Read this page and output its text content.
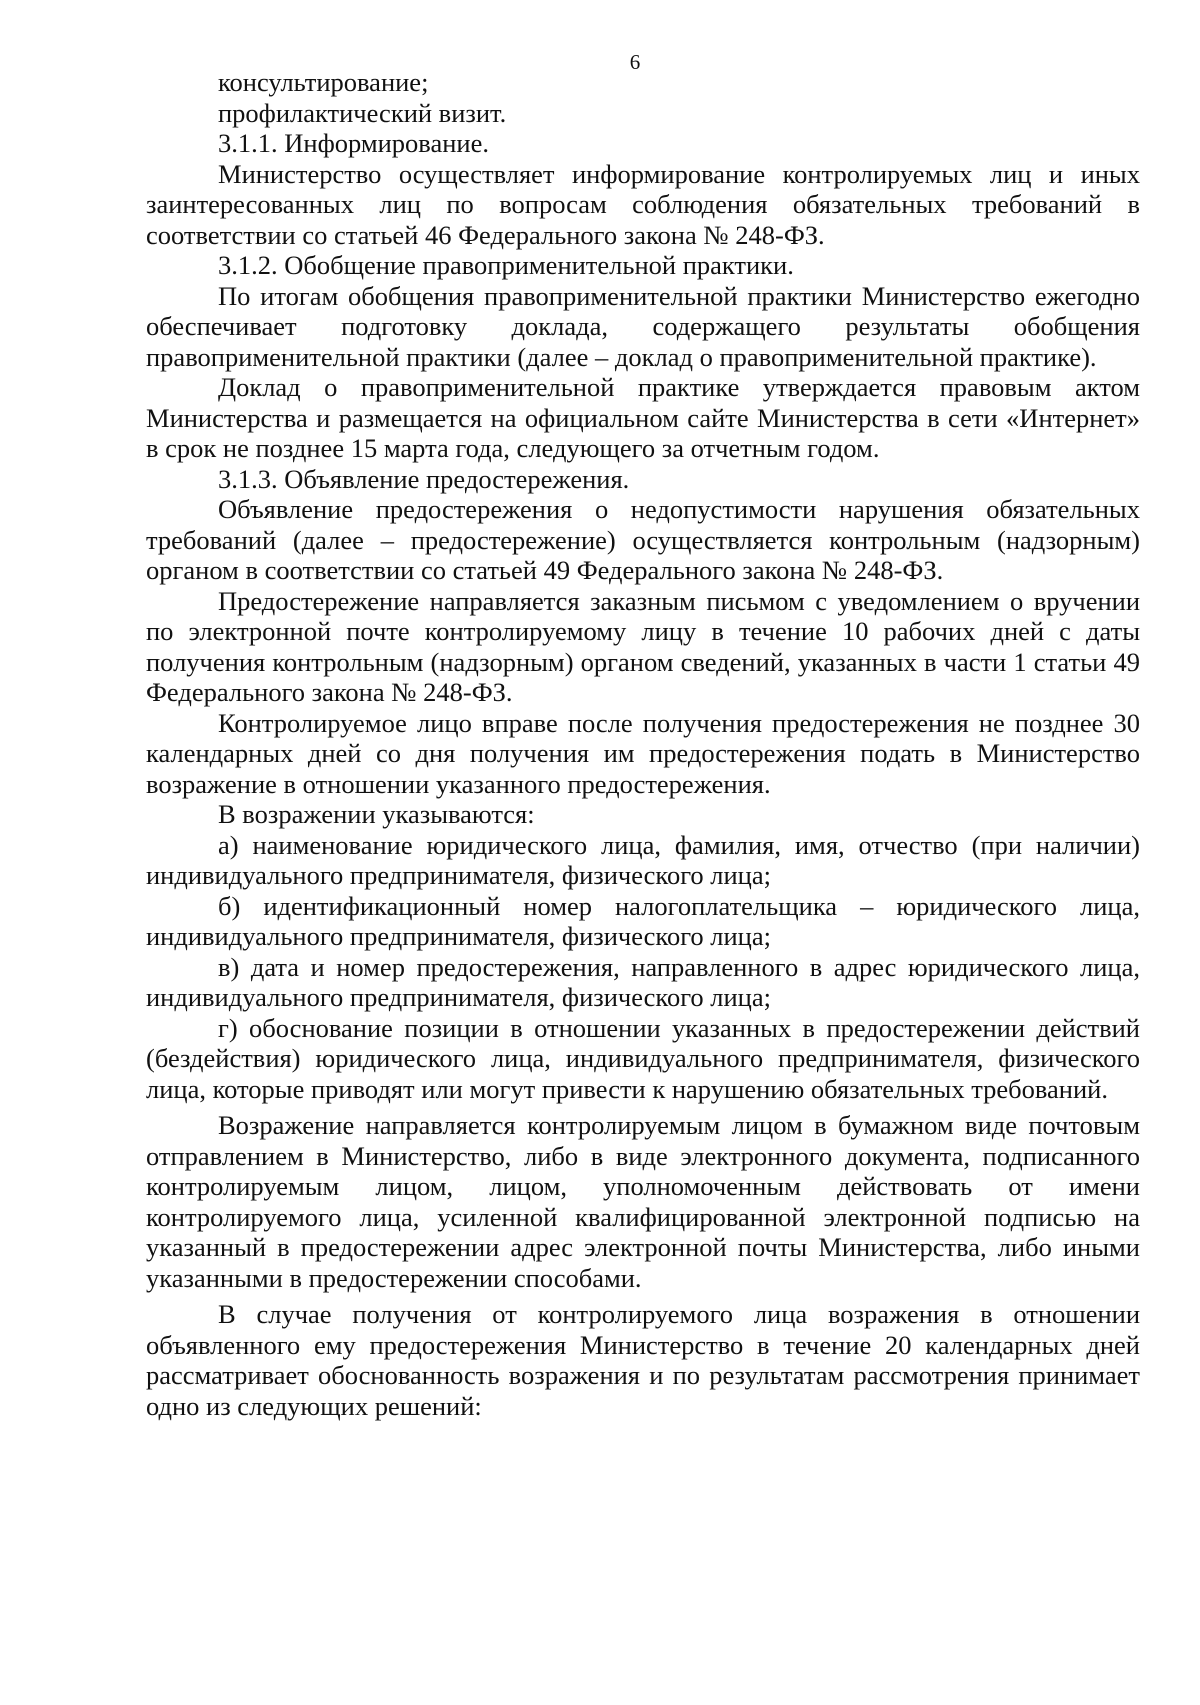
6

консультирование;

профилактический визит.

3.1.1. Информирование.

Министерство осуществляет информирование контролируемых лиц и иных заинтересованных лиц по вопросам соблюдения обязательных требований в соответствии со статьей 46 Федерального закона № 248-ФЗ.

3.1.2. Обобщение правоприменительной практики.

По итогам обобщения правоприменительной практики Министерство ежегодно обеспечивает подготовку доклада, содержащего результаты обобщения правоприменительной практики (далее – доклад о правоприменительной практике).

Доклад о правоприменительной практике утверждается правовым актом Министерства и размещается на официальном сайте Министерства в сети «Интернет» в срок не позднее 15 марта года, следующего за отчетным годом.

3.1.3. Объявление предостережения.

Объявление предостережения о недопустимости нарушения обязательных требований (далее – предостережение) осуществляется контрольным (надзорным) органом в соответствии со статьей 49 Федерального закона № 248-ФЗ.

Предостережение направляется заказным письмом с уведомлением о вручении по электронной почте контролируемому лицу в течение 10 рабочих дней с даты получения контрольным (надзорным) органом сведений, указанных в части 1 статьи 49 Федерального закона № 248-ФЗ.

Контролируемое лицо вправе после получения предостережения не позднее 30 календарных дней со дня получения им предостережения подать в Министерство возражение в отношении указанного предостережения.

В возражении указываются:

а) наименование юридического лица, фамилия, имя, отчество (при наличии) индивидуального предпринимателя, физического лица;

б) идентификационный номер налогоплательщика – юридического лица, индивидуального предпринимателя, физического лица;

в) дата и номер предостережения, направленного в адрес юридического лица, индивидуального предпринимателя, физического лица;

г) обоснование позиции в отношении указанных в предостережении действий (бездействия) юридического лица, индивидуального предпринимателя, физического лица, которые приводят или могут привести к нарушению обязательных требований.

Возражение направляется контролируемым лицом в бумажном виде почтовым отправлением в Министерство, либо в виде электронного документа, подписанного контролируемым лицом, лицом, уполномоченным действовать от имени контролируемого лица, усиленной квалифицированной электронной подписью на указанный в предостережении адрес электронной почты Министерства, либо иными указанными в предостережении способами.

В случае получения от контролируемого лица возражения в отношении объявленного ему предостережения Министерство в течение 20 календарных дней рассматривает обоснованность возражения и по результатам рассмотрения принимает одно из следующих решений:
